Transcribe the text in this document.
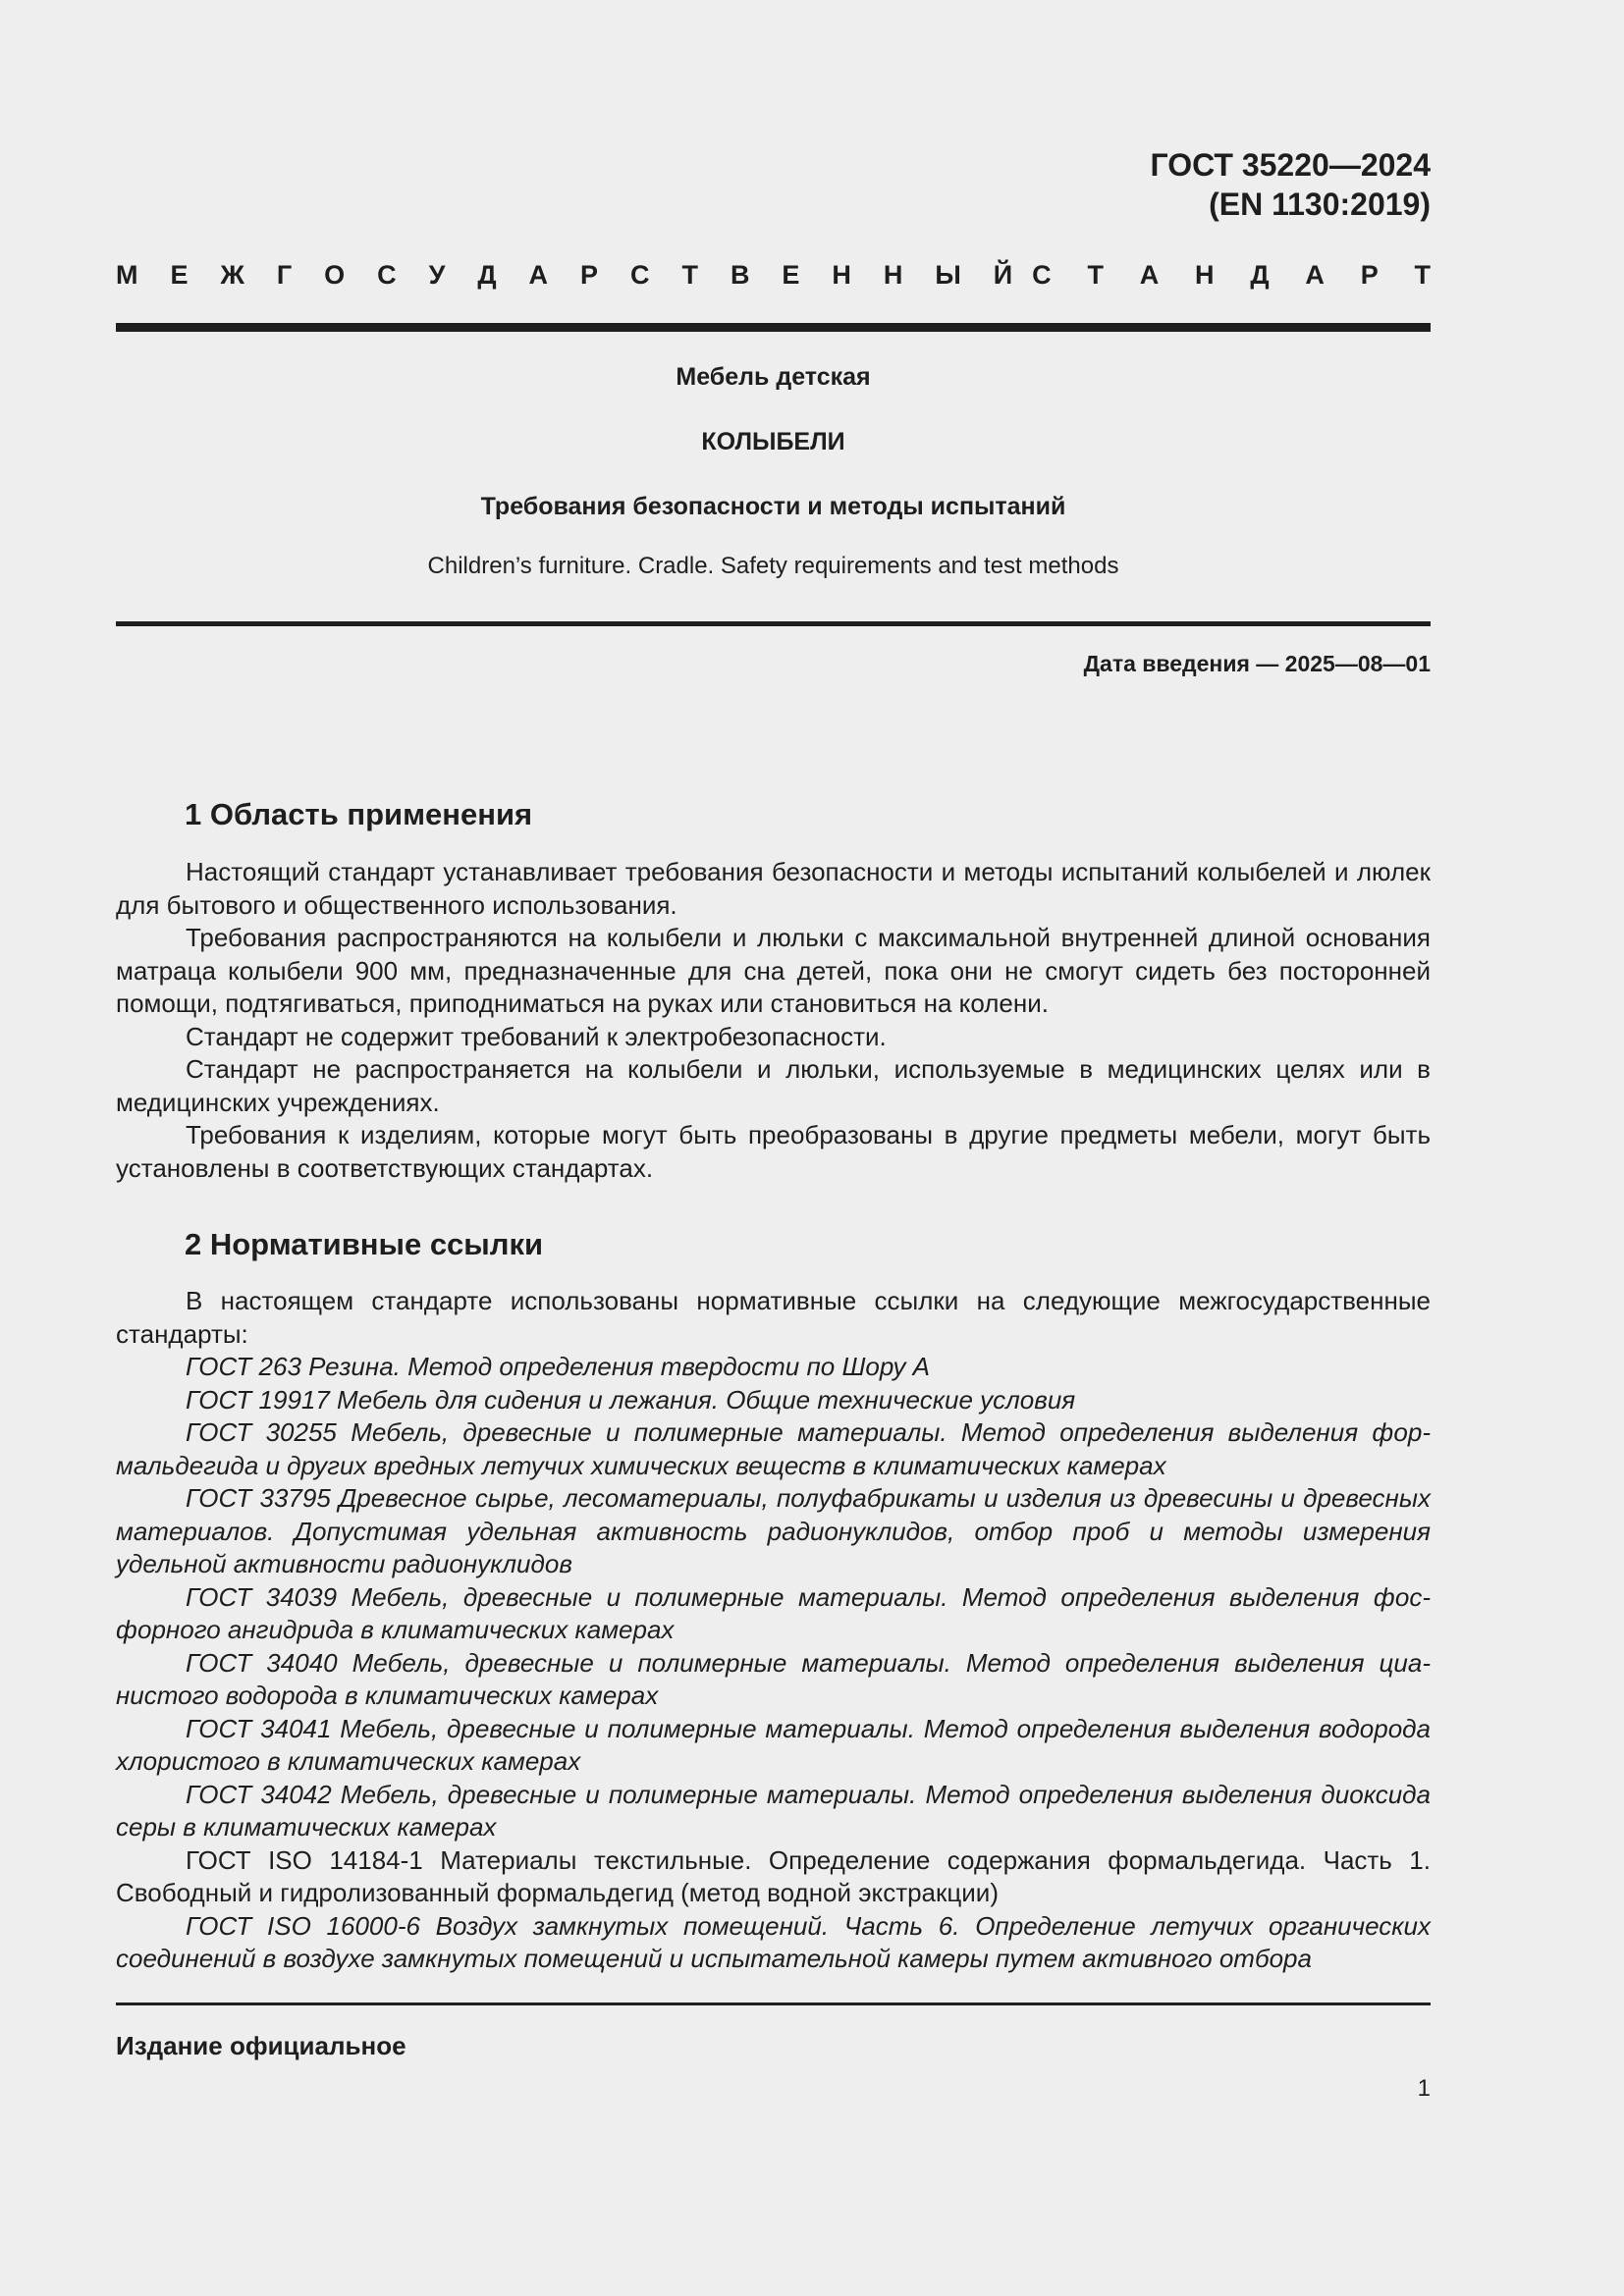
ГОСТ 35220—2024
(EN 1130:2019)
М Е Ж Г О С У Д А Р С Т В Е Н Н Ы Й С Т А Н Д А Р Т
Мебель детская
КОЛЫБЕЛИ
Требования безопасности и методы испытаний
Children’s furniture. Cradle. Safety requirements and test methods
Дата введения — 2025—08—01
1 Область применения

Настоящий стандарт устанавливает требования безопасности и методы испытаний колыбелей и люлек для бытового и общественного использования.

Требования распространяются на колыбели и люльки с максимальной внутренней длиной основания матраца колыбели 900 мм, предназначенные для сна детей, пока они не смогут сидеть без посторонней помощи, подтягиваться, приподниматься на руках или становиться на колени.

Стандарт не содержит требований к электробезопасности.

Стандарт не распространяется на колыбели и люльки, используемые в медицинских целях или в медицинских учреждениях.

Требования к изделиям, которые могут быть преобразованы в другие предметы мебели, могут быть установлены в соответствующих стандартах.

2 Нормативные ссылки

В настоящем стандарте использованы нормативные ссылки на следующие межгосударственные стандарты:

ГОСТ 263 Резина. Метод определения твердости по Шору А

ГОСТ 19917 Мебель для сидения и лежания. Общие технические условия

ГОСТ 30255 Мебель, древесные и полимерные материалы. Метод определения выделения формальдегида и других вредных летучих химических веществ в климатических камерах

ГОСТ 33795 Древесное сырье, лесоматериалы, полуфабрикаты и изделия из древесины и древесных материалов. Допустимая удельная активность радионуклидов, отбор проб и методы измерения удельной активности радионуклидов

ГОСТ 34039 Мебель, древесные и полимерные материалы. Метод определения выделения фосфорного ангидрида в климатических камерах

ГОСТ 34040 Мебель, древесные и полимерные материалы. Метод определения выделения цианистого водорода в климатических камерах

ГОСТ 34041 Мебель, древесные и полимерные материалы. Метод определения выделения водорода хлористого в климатических камерах

ГОСТ 34042 Мебель, древесные и полимерные материалы. Метод определения выделения диоксида серы в климатических камерах

ГОСТ ISO 14184-1 Материалы текстильные. Определение содержания формальдегида. Часть 1. Свободный и гидролизованный формальдегид (метод водной экстракции)

ГОСТ ISO 16000-6 Воздух замкнутых помещений. Часть 6. Определение летучих органических соединений в воздухе замкнутых помещений и испытательной камеры путем активного отбора

Издание официальное
1
